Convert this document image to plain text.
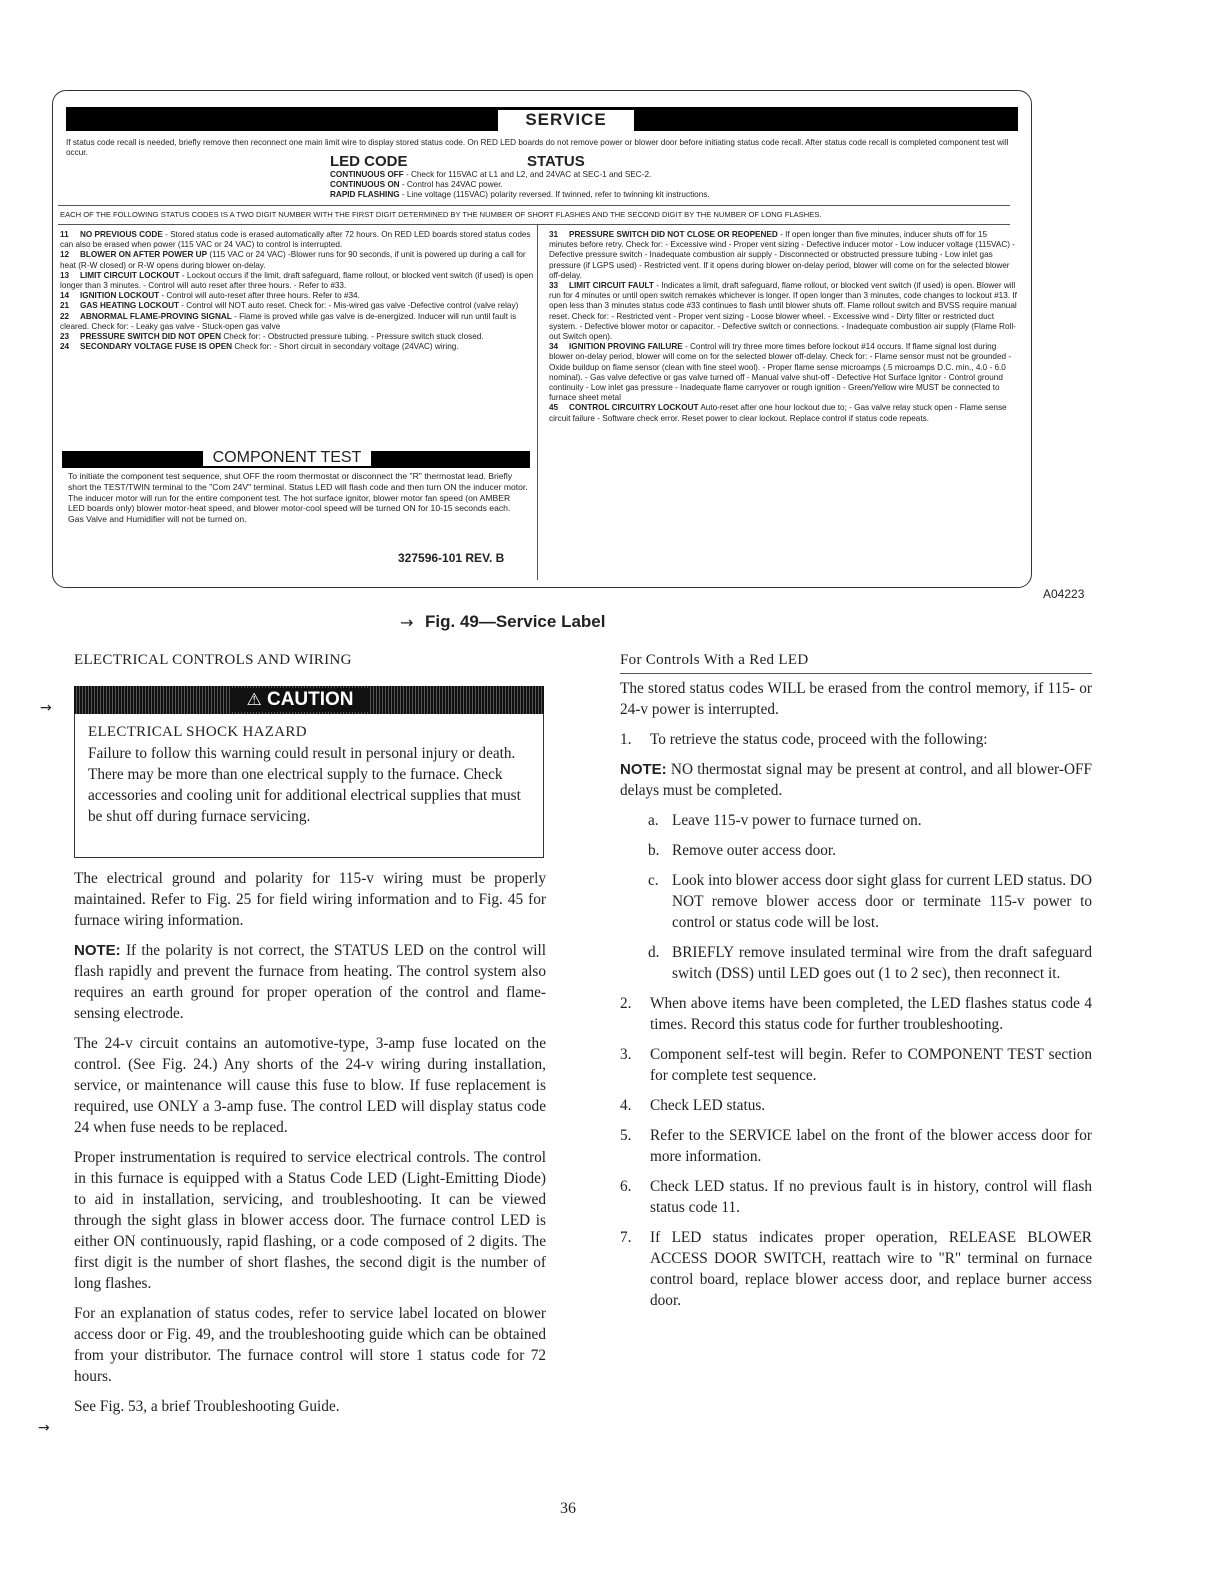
SERVICE
If status code recall is needed, briefly remove then reconnect one main limit wire to display stored status code. On RED LED boards do not remove power or blower door before initiating status code recall. After status code recall is completed component test will occur.
LED CODE	STATUS
CONTINUOUS OFF - Check for 115VAC at L1 and L2, and 24VAC at SEC-1 and SEC-2.
CONTINUOUS ON - Control has 24VAC power.
RAPID FLASHING - Line voltage (115VAC) polarity reversed. If twinned, refer to twinning kit instructions.
EACH OF THE FOLLOWING STATUS CODES IS A TWO DIGIT NUMBER WITH THE FIRST DIGIT DETERMINED BY THE NUMBER OF SHORT FLASHES AND THE SECOND DIGIT BY THE NUMBER OF LONG FLASHES.

11 NO PREVIOUS CODE - Stored status code is erased automatically after 72 hours. On RED LED boards stored status codes can also be erased when power (115 VAC or 24 VAC) to control is interrupted.

12 BLOWER ON AFTER POWER UP (115 VAC or 24 VAC) -Blower runs for 90 seconds, if unit is powered up during a call for heat (R-W closed) or R-W opens during blower on-delay.

13 LIMIT CIRCUIT LOCKOUT - Lockout occurs if the limit, draft safeguard, flame rollout, or blocked vent switch (if used) is open longer than 3 minutes. - Control will auto reset after three hours. - Refer to #33.

14 IGNITION LOCKOUT - Control will auto-reset after three hours. Refer to #34.

21 GAS HEATING LOCKOUT - Control will NOT auto reset. Check for: - Mis-wired gas valve -Defective control (valve relay)

22 ABNORMAL FLAME-PROVING SIGNAL - Flame is proved while gas valve is de-energized. Inducer will run until fault is cleared. Check for: - Leaky gas valve - Stuck-open gas valve

23 PRESSURE SWITCH DID NOT OPEN Check for: - Obstructed pressure tubing. - Pressure switch stuck closed.

24 SECONDARY VOLTAGE FUSE IS OPEN Check for: - Short circuit in secondary voltage (24VAC) wiring.

31 PRESSURE SWITCH DID NOT CLOSE OR REOPENED - If open longer than five minutes, inducer shuts off for 15 minutes before retry. Check for: - Excessive wind - Proper vent sizing - Defective inducer motor - Low inducer voltage (115VAC) - Defective pressure switch - Inadequate combustion air supply - Disconnected or obstructed pressure tubing - Low inlet gas pressure (if LGPS used) - Restricted vent. If it opens during blower on-delay period, blower will come on for the selected blower off-delay.

33 LIMIT CIRCUIT FAULT - Indicates a limit, draft safeguard, flame rollout, or blocked vent switch (if used) is open. Blower will run for 4 minutes or until open switch remakes whichever is longer. If open longer than 3 minutes, code changes to lockout #13. If open less than 3 minutes status code #33 continues to flash until blower shuts off. Flame rollout switch and BVSS require manual reset. Check for: - Restricted vent - Proper vent sizing - Loose blower wheel. - Excessive wind - Dirty filter or restricted duct system. - Defective blower motor or capacitor. - Defective switch or connections. - Inadequate combustion air supply (Flame Roll-out Switch open).

34 IGNITION PROVING FAILURE - Control will try three more times before lockout #14 occurs. If flame signal lost during blower on-delay period, blower will come on for the selected blower off-delay. Check for: - Flame sensor must not be grounded - Oxide buildup on flame sensor (clean with fine steel wool). - Proper flame sense microamps (.5 microamps D.C. min., 4.0 - 6.0 nominal). - Gas valve defective or gas valve turned off - Manual valve shut-off - Defective Hot Surface Ignitor - Control ground continuity - Low inlet gas pressure - Inadequate flame carryover or rough ignition - Green/Yellow wire MUST be connected to furnace sheet metal

45 CONTROL CIRCUITRY LOCKOUT Auto-reset after one hour lockout due to; - Gas valve relay stuck open - Flame sense circuit failure - Software check error. Reset power to clear lockout. Replace control if status code repeats.

COMPONENT TEST
To initiate the component test sequence, shut OFF the room thermostat or disconnect the "R" thermostat lead. Briefly short the TEST/TWIN terminal to the "Com 24V" terminal. Status LED will flash code and then turn ON the inducer motor. The inducer motor will run for the entire component test. The hot surface ignitor, blower motor fan speed (on AMBER LED boards only) blower motor-heat speed, and blower motor-cool speed will be turned ON for 10-15 seconds each. Gas Valve and Humidifier will not be turned on.
327596-101 REV. B
A04223
→ Fig. 49—Service Label

ELECTRICAL CONTROLS AND WIRING

⚠ CAUTION
ELECTRICAL SHOCK HAZARD
Failure to follow this warning could result in personal injury or death.
There may be more than one electrical supply to the furnace. Check accessories and cooling unit for additional electrical supplies that must be shut off during furnace servicing.
→

The electrical ground and polarity for 115-v wiring must be properly maintained. Refer to Fig. 25 for field wiring information and to Fig. 45 for furnace wiring information.

NOTE: If the polarity is not correct, the STATUS LED on the control will flash rapidly and prevent the furnace from heating. The control system also requires an earth ground for proper operation of the control and flame-sensing electrode.

The 24-v circuit contains an automotive-type, 3-amp fuse located on the control. (See Fig. 24.) Any shorts of the 24-v wiring during installation, service, or maintenance will cause this fuse to blow. If fuse replacement is required, use ONLY a 3-amp fuse. The control LED will display status code 24 when fuse needs to be replaced.

Proper instrumentation is required to service electrical controls. The control in this furnace is equipped with a Status Code LED (Light-Emitting Diode) to aid in installation, servicing, and troubleshooting. It can be viewed through the sight glass in blower access door. The furnace control LED is either ON continuously, rapid flashing, or a code composed of 2 digits. The first digit is the number of short flashes, the second digit is the number of long flashes.

For an explanation of status codes, refer to service label located on blower access door or Fig. 49, and the troubleshooting guide which can be obtained from your distributor. The furnace control will store 1 status code for 72 hours.

See Fig. 53, a brief Troubleshooting Guide.

→

For Controls With a Red LED

The stored status codes WILL be erased from the control memory, if 115- or 24-v power is interrupted.

1. To retrieve the status code, proceed with the following:

NOTE: NO thermostat signal may be present at control, and all blower-OFF delays must be completed.

a. Leave 115-v power to furnace turned on.
b. Remove outer access door.
c. Look into blower access door sight glass for current LED status. DO NOT remove blower access door or terminate 115-v power to control or status code will be lost.
d. BRIEFLY remove insulated terminal wire from the draft safeguard switch (DSS) until LED goes out (1 to 2 sec), then reconnect it.
2. When above items have been completed, the LED flashes status code 4 times. Record this status code for further troubleshooting.
3. Component self-test will begin. Refer to COMPONENT TEST section for complete test sequence.
4. Check LED status.
5. Refer to the SERVICE label on the front of the blower access door for more information.
6. Check LED status. If no previous fault is in history, control will flash status code 11.
7. If LED status indicates proper operation, RELEASE BLOWER ACCESS DOOR SWITCH, reattach wire to "R" terminal on furnace control board, replace blower access door, and replace burner access door.
36
